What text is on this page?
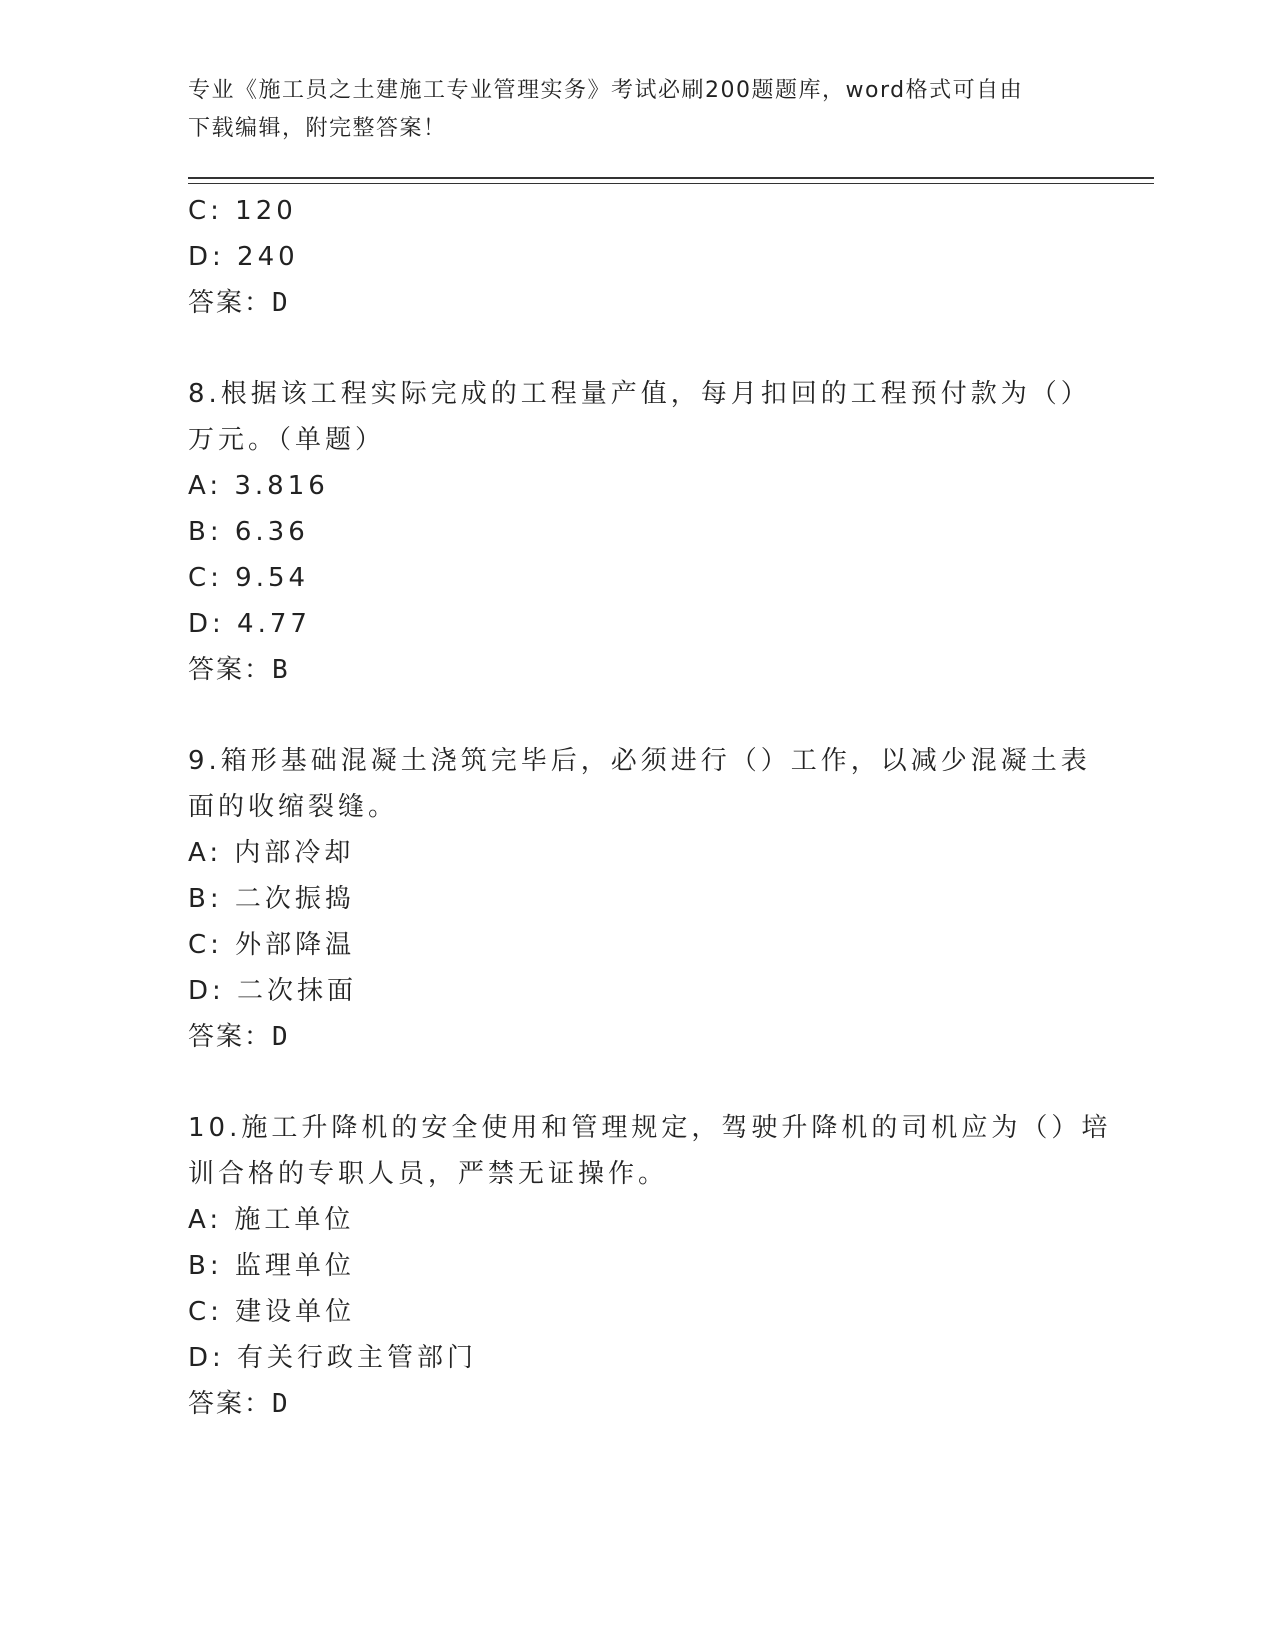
专业《施工员之土建施工专业管理实务》考试必刷200题题库，word格式可自由
下载编辑，附完整答案！
C: 120
D: 240
答案：D
8.根据该工程实际完成的工程量产值，每月扣回的工程预付款为（）
万元。（单题）
A: 3.816
B: 6.36
C: 9.54
D: 4.77
答案：B
9.箱形基础混凝土浇筑完毕后，必须进行（）工作，以减少混凝土表
面的收缩裂缝。
A: 内部冷却
B: 二次振捣
C: 外部降温
D: 二次抹面
答案：D
10.施工升降机的安全使用和管理规定，驾驶升降机的司机应为（）培
训合格的专职人员，严禁无证操作。
A: 施工单位
B: 监理单位
C: 建设单位
D: 有关行政主管部门
答案：D
